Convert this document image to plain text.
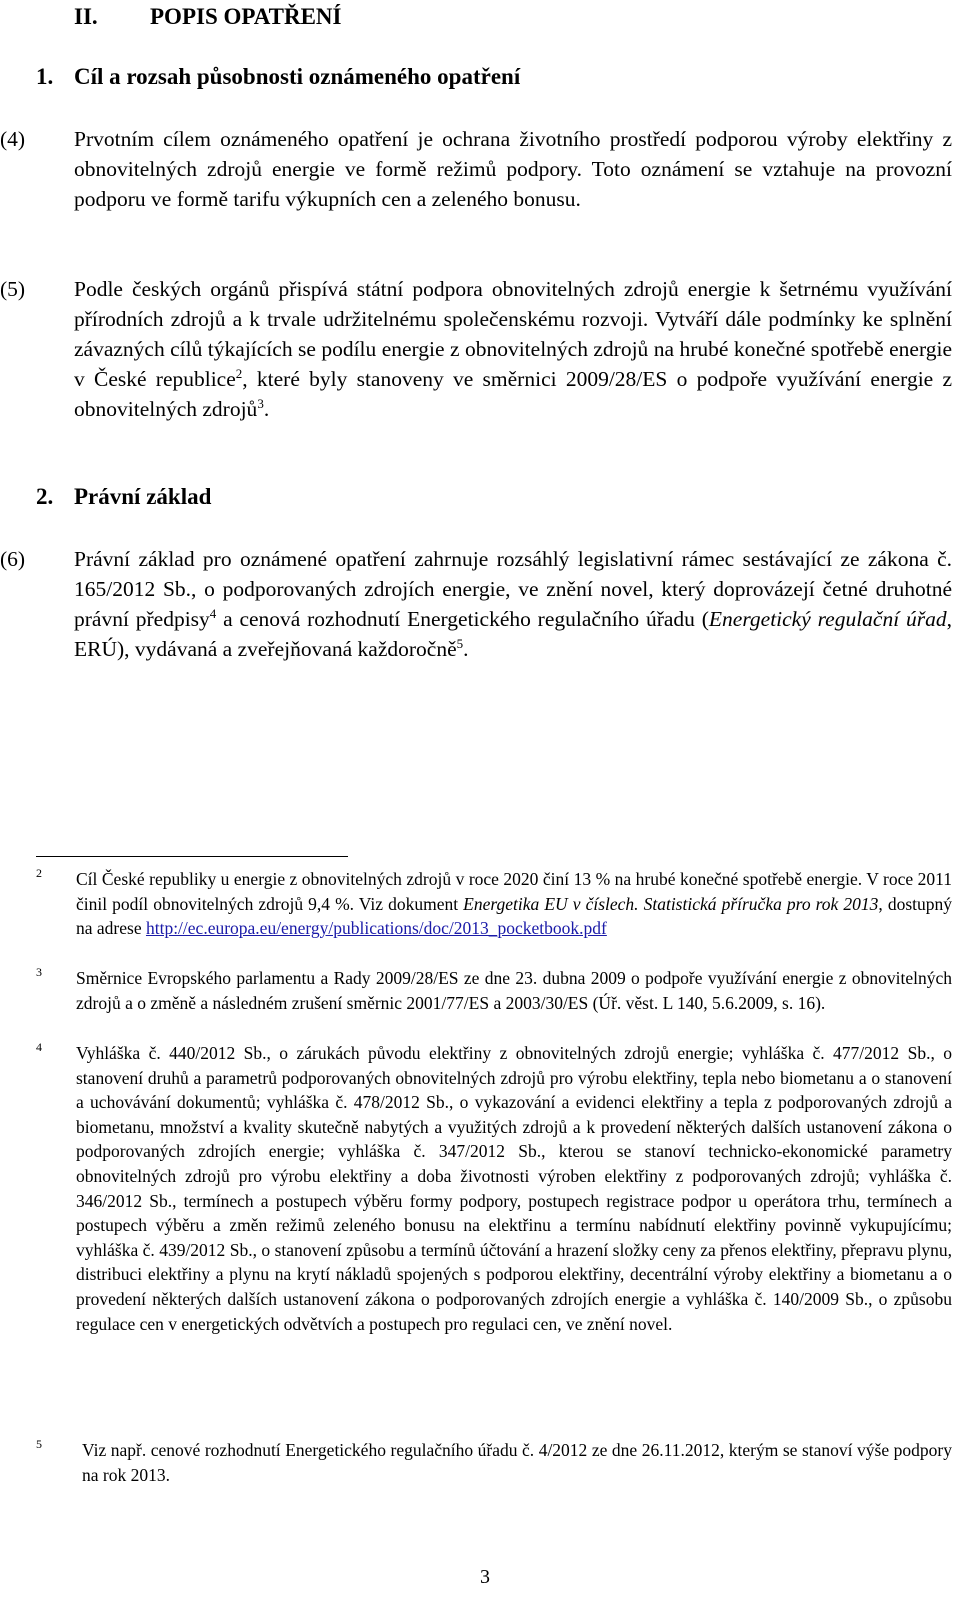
II. POPIS OPATŘENÍ
1. Cíl a rozsah působnosti oznámeného opatření
(4) Prvotním cílem oznámeného opatření je ochrana životního prostředí podporou výroby elektřiny z obnovitelných zdrojů energie ve formě režimů podpory. Toto oznámení se vztahuje na provozní podporu ve formě tarifu výkupních cen a zeleného bonusu.
(5) Podle českých orgánů přispívá státní podpora obnovitelných zdrojů energie k šetrnému využívání přírodních zdrojů a k trvale udržitelnému společenskému rozvoji. Vytváří dále podmínky ke splnění závazných cílů týkajících se podílu energie z obnovitelných zdrojů na hrubé konečné spotřebě energie v České republice$^2$, které byly stanoveny ve směrnici 2009/28/ES o podpoře využívání energie z obnovitelných zdrojů$^3$.
2. Právní základ
(6) Právní základ pro oznámené opatření zahrnuje rozsáhlý legislativní rámec sestávající ze zákona č. 165/2012 Sb., o podporovaných zdrojích energie, ve znění novel, který doprovázejí četné druhotné právní předpisy$^4$ a cenová rozhodnutí Energetického regulačního úřadu (Energetický regulační úřad, ERÚ), vydávaná a zveřejňovaná každoročně$^5$.
2 Cíl České republiky u energie z obnovitelných zdrojů v roce 2020 činí 13 % na hrubé konečné spotřebě energie. V roce 2011 činil podíl obnovitelných zdrojů 9,4 %. Viz dokument Energetika EU v číslech. Statistická příručka pro rok 2013, dostupný na adrese http://ec.europa.eu/energy/publications/doc/2013_pocketbook.pdf
3 Směrnice Evropského parlamentu a Rady 2009/28/ES ze dne 23. dubna 2009 o podpoře využívání energie z obnovitelných zdrojů a o změně a následném zrušení směrnic 2001/77/ES a 2003/30/ES (Úř. věst. L 140, 5.6.2009, s. 16).
4 Vyhláška č. 440/2012 Sb., o zárukách původu elektřiny z obnovitelných zdrojů energie; vyhláška č. 477/2012 Sb., o stanovení druhů a parametrů podporovaných obnovitelných zdrojů pro výrobu elektřiny, tepla nebo biometanu a o stanovení a uchovávání dokumentů; vyhláška č. 478/2012 Sb., o vykazování a evidenci elektřiny a tepla z podporovaných zdrojů a biometanu, množství a kvality skutečně nabytých a využitých zdrojů a k provedení některých dalších ustanovení zákona o podporovaných zdrojích energie; vyhláška č. 347/2012 Sb., kterou se stanoví technicko-ekonomické parametry obnovitelných zdrojů pro výrobu elektřiny a doba životnosti výroben elektřiny z podporovaných zdrojů; vyhláška č. 346/2012 Sb., termínech a postupech výběru formy podpory, postupech registrace podpor u operátora trhu, termínech a postupech výběru a změn režimů zeleného bonusu na elektřinu a termínu nabídnutí elektřiny povinně vykupujícímu; vyhláška č. 439/2012 Sb., o stanovení způsobu a termínů účtování a hrazení složky ceny za přenos elektřiny, přepravu plynu, distribuci elektřiny a plynu na krytí nákladů spojených s podporou elektřiny, decentrální výroby elektřiny a biometanu a o provedení některých dalších ustanovení zákona o podporovaných zdrojích energie a vyhláška č. 140/2009 Sb., o způsobu regulace cen v energetických odvětvích a postupech pro regulaci cen, ve znění novel.
5 Viz např. cenové rozhodnutí Energetického regulačního úřadu č. 4/2012 ze dne 26.11.2012, kterým se stanoví výše podpory na rok 2013.
3
